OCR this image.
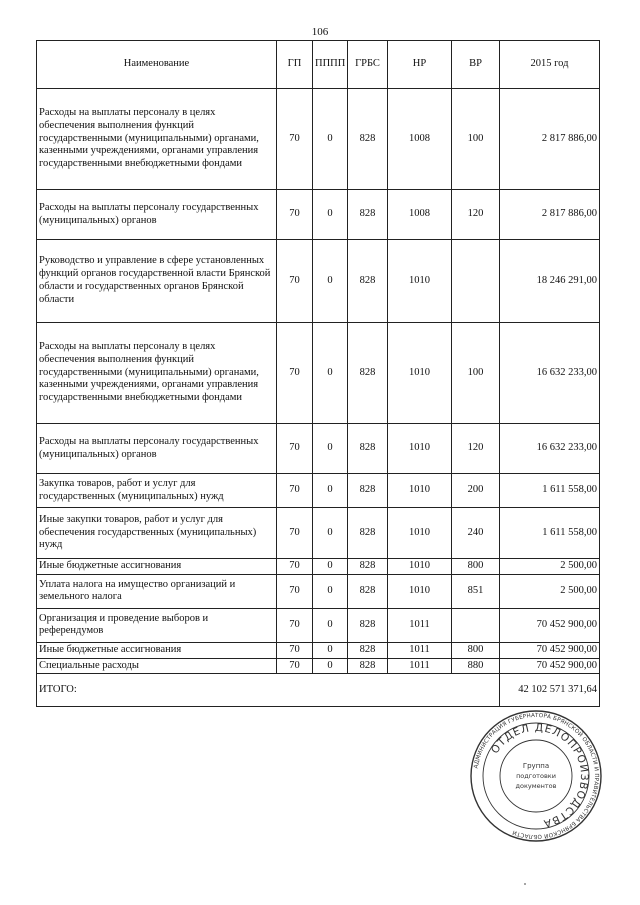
106
Наименование	ГП	ПППП	ГРБС	НР	ВР	2015 год
Расходы на выплаты персоналу в целях обеспечения выполнения функций государственными (муниципальными) органами, казенными учреждениями, органами управления государственными внебюджетными фондами	70	0	828	1008	100	2 817 886,00
Расходы на выплаты персоналу государственных (муниципальных) органов	70	0	828	1008	120	2 817 886,00
Руководство и управление в сфере установленных функций органов государственной власти Брянской области и государственных органов Брянской области	70	0	828	1010		18 246 291,00
Расходы на выплаты персоналу в целях обеспечения выполнения функций государственными (муниципальными) органами, казенными учреждениями, органами управления государственными внебюджетными фондами	70	0	828	1010	100	16 632 233,00
Расходы на выплаты персоналу государственных (муниципальных) органов	70	0	828	1010	120	16 632 233,00
Закупка товаров, работ и услуг для государственных (муниципальных) нужд	70	0	828	1010	200	1 611 558,00
Иные закупки товаров, работ и услуг для обеспечения государственных (муниципальных) нужд	70	0	828	1010	240	1 611 558,00
Иные бюджетные ассигнования	70	0	828	1010	800	2 500,00
Уплата налога на имущество организаций и земельного налога	70	0	828	1010	851	2 500,00
Организация и проведение выборов и референдумов	70	0	828	1011		70 452 900,00
Иные бюджетные ассигнования	70	0	828	1011	800	70 452 900,00
Специальные расходы	70	0	828	1011	880	70 452 900,00
ИТОГО:						42 102 571 371,64
АДМИНИСТРАЦИЯ ГУБЕРНАТОРА БРЯНСКОЙ ОБЛАСТИ И ПРАВИТЕЛЬСТВА БРЯНСКОЙ ОБЛАСТИ
ОТДЕЛ ДЕЛОПРОИЗВОДСТВА
Группа
подготовки
документов
